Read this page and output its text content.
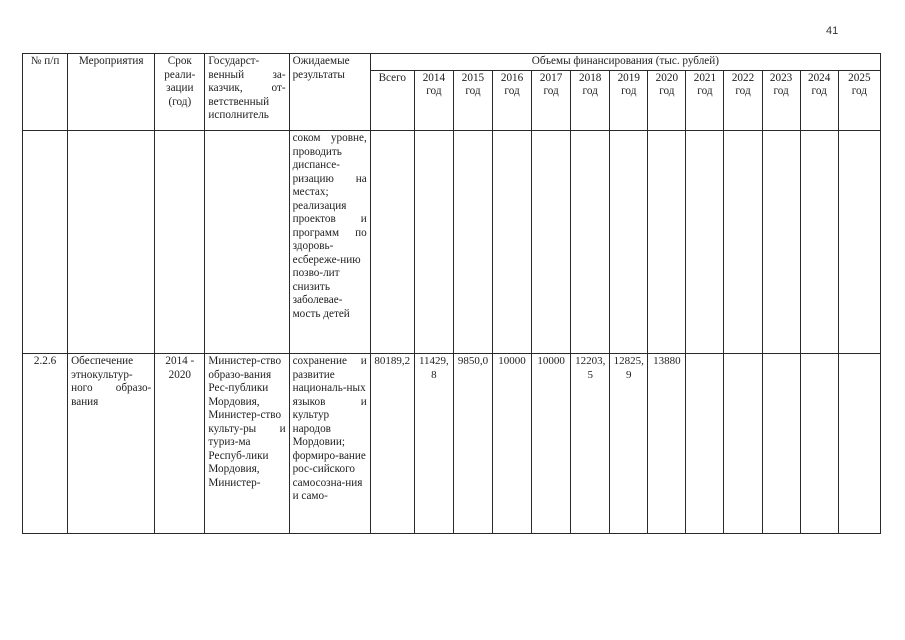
41
№ п/п	Мероприятия	Срок реали-зации (год)	Государст-венный за-казчик, от-ветственный исполнитель	Ожидаемые результаты	Объемы финансирования (тыс. рублей)												
					Всего	2014 год	2015 год	2016 год	2017 год	2018 год	2019 год	2020 год	2021 год	2022 год	2023 год	2024 год	2025 год
				соком уровне, проводить диспансе-ризацию на местах; реализация проектов и программ по здоровь-есбереже-нию позво-лит снизить заболевае-мость детей													
2.2.6	Обеспечение этнокультур-ного образо-вания	2014 - 2020	Министер-ство образо-вания Рес-публики Мордовия, Министер-ство культу-ры и туриз-ма Респуб-лики Мордовия, Министер-	сохранение и развитие националь-ных языков и культур народов Мордовии; формиро-вание рос-сийского самосозна-ния и само-	80189,2	11429,8	9850,0	10000	10000	12203,5	12825,9	13880					
